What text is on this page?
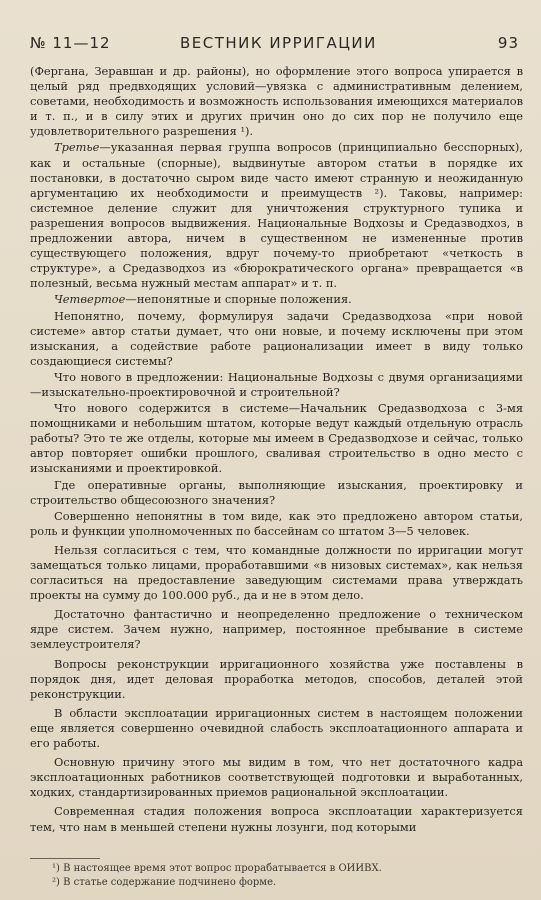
№ 11—12	ВЕСТНИК ИРРИГАЦИИ	93

(Фергана, Зеравшан и др. районы), но оформление этого вопроса упирается в целый ряд предвходящих условий—увязка с административным делением, советами, необходимость и возможность использования имеющихся материалов и т. п., и в силу этих и других причин оно до сих пор не получило еще удовлетворительного разрешения ¹).

Третье—указанная первая группа вопросов (принципиально бесспорных), как и остальные (спорные), выдвинутые автором статьи в порядке их постановки, в достаточно сыром виде часто имеют странную и неожиданную аргументацию их необходимости и преимуществ ²). Таковы, например: системное деление служит для уничтожения структурного тупика и разрешения вопросов выдвижения. Национальные Водхозы и Средазводхоз, в предложении автора, ничем в существенном не измененные против существующего положения, вдруг почему-то приобретают «четкость в структуре», а Средазводхоз из «бюрократического органа» превращается «в полезный, весьма нужный местам аппарат» и т. п.

Четвертое—непонятные и спорные положения.

Непонятно, почему, формулируя задачи Средазводхоза «при новой системе» автор статьи думает, что они новые, и почему исключены при этом изыскания, а содействие работе рационализации имеет в виду только создающиеся системы?

Что нового в предложении: Национальные Водхозы с двумя организациями—изыскательно-проектировочной и строительной?

Что нового содержится в системе—Начальник Средазводхоза с 3-мя помощниками и небольшим штатом, которые ведут каждый отдельную отрасль работы? Это те же отделы, которые мы имеем в Средазводхозе и сейчас, только автор повторяет ошибки прошлого, сваливая строительство в одно место с изысканиями и проектировкой.

Где оперативные органы, выполняющие изыскания, проектировку и строительство общесоюзного значения?

Совершенно непонятны в том виде, как это предложено автором статьи, роль и функции уполномоченных по бассейнам со штатом 3—5 человек.

Нельзя согласиться с тем, что командные должности по ирригации могут замещаться только лицами, проработавшими «в низовых системах», как нельзя согласиться на предоставление заведующим системами права утверждать проекты на сумму до 100.000 руб., да и не в этом дело.

Достаточно фантастично и неопределенно предложение о техническом ядре систем. Зачем нужно, например, постоянное пребывание в системе землеустроителя?

Вопросы реконструкции ирригационного хозяйства уже поставлены в порядок дня, идет деловая проработка методов, способов, деталей этой реконструкции.

В области эксплоатации ирригационных систем в настоящем положении еще является совершенно очевидной слабость эксплоатационного аппарата и его работы.

Основную причину этого мы видим в том, что нет достаточного кадра эксплоатационных работников соответствующей подготовки и выработанных, ходких, стандартизированных приемов рациональной эксплоатации.

Современная стадия положения вопроса эксплоатации характеризуется тем, что нам в меньшей степени нужны лозунги, под которыми

¹) В настоящее время этот вопрос прорабатывается в ОИИВХ.
²) В статье содержание подчинено форме.
